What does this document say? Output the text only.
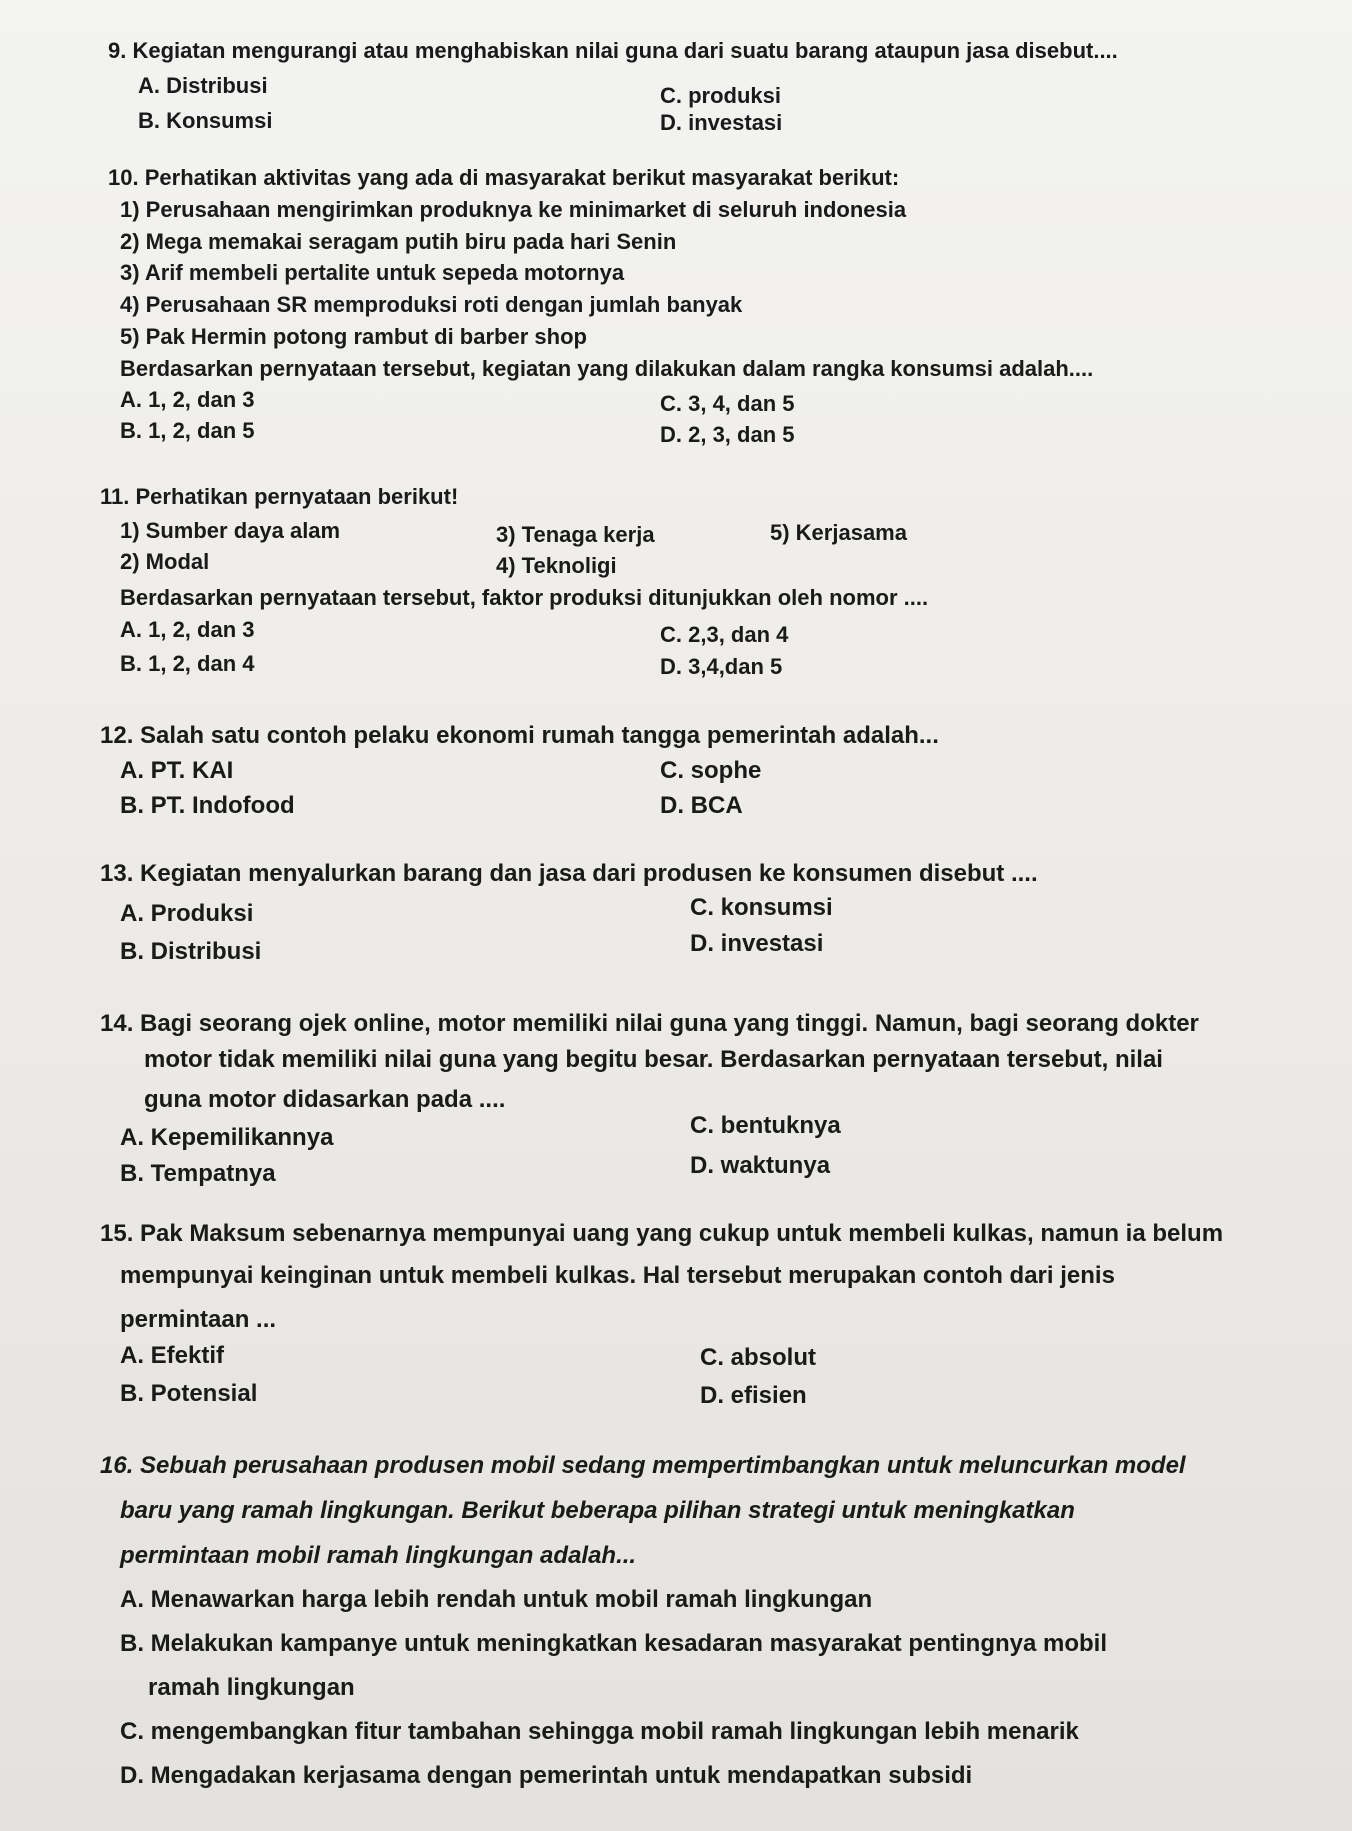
9. Kegiatan mengurangi atau menghabiskan nilai guna dari suatu barang ataupun jasa disebut....
A. Distribusi	C. produksi
B. Konsumsi	D. investasi
10. Perhatikan aktivitas yang ada di masyarakat berikut masyarakat berikut:
1) Perusahaan mengirimkan produknya ke minimarket di seluruh indonesia
2) Mega memakai seragam putih biru pada hari Senin
3) Arif membeli pertalite untuk sepeda motornya
4) Perusahaan SR memproduksi roti dengan jumlah banyak
5) Pak Hermin potong rambut di barber shop
Berdasarkan pernyataan tersebut, kegiatan yang dilakukan dalam rangka konsumsi adalah....
A. 1, 2, dan 3	C. 3, 4, dan 5
B. 1, 2, dan 5	D. 2, 3, dan 5
11. Perhatikan pernyataan berikut!
1) Sumber daya alam	3) Tenaga kerja	5) Kerjasama
2) Modal	4) Teknoligi
Berdasarkan pernyataan tersebut, faktor produksi ditunjukkan oleh nomor ....
A. 1, 2, dan 3	C. 2,3, dan 4
B. 1, 2, dan 4	D. 3,4,dan 5
12. Salah satu contoh pelaku ekonomi rumah tangga pemerintah adalah...
A. PT. KAI	C. sophe
B. PT. Indofood	D. BCA
13. Kegiatan menyalurkan barang dan jasa dari produsen ke konsumen disebut ....
A. Produksi	C. konsumsi
B. Distribusi	D. investasi
14. Bagi seorang ojek online, motor memiliki nilai guna yang tinggi. Namun, bagi seorang dokter
motor tidak memiliki nilai guna yang begitu besar. Berdasarkan pernyataan tersebut, nilai
guna motor didasarkan pada ....
A. Kepemilikannya	C. bentuknya
B. Tempatnya	D. waktunya
15. Pak Maksum sebenarnya mempunyai uang yang cukup untuk membeli kulkas, namun ia belum
mempunyai keinginan untuk membeli kulkas. Hal tersebut merupakan contoh dari jenis
permintaan ...
A. Efektif	C. absolut
B. Potensial	D. efisien
16. Sebuah perusahaan produsen mobil sedang mempertimbangkan untuk meluncurkan model
baru yang ramah lingkungan. Berikut beberapa pilihan strategi untuk meningkatkan
permintaan mobil ramah lingkungan adalah...
A. Menawarkan harga lebih rendah untuk mobil ramah lingkungan
B. Melakukan kampanye untuk meningkatkan kesadaran masyarakat pentingnya mobil
ramah lingkungan
C. mengembangkan fitur tambahan sehingga mobil ramah lingkungan lebih menarik
D. Mengadakan kerjasama dengan pemerintah untuk mendapatkan subsidi
